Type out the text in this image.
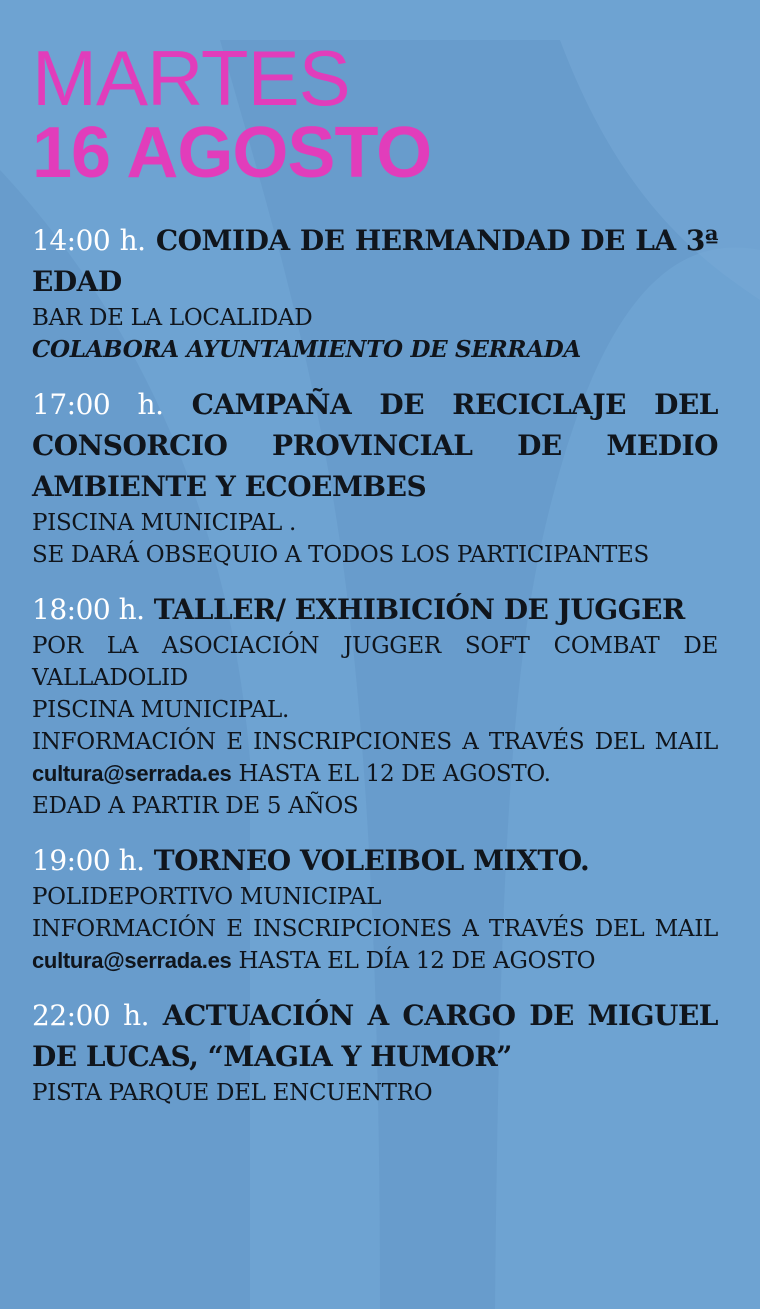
MARTES
16 AGOSTO
14:00 h. COMIDA DE HERMANDAD DE LA 3ª EDAD
BAR DE LA LOCALIDAD
COLABORA AYUNTAMIENTO DE SERRADA
17:00 h. CAMPAÑA DE RECICLAJE DEL CONSORCIO PROVINCIAL DE MEDIO AMBIENTE Y ECOEMBES
PISCINA MUNICIPAL .
SE DARÁ OBSEQUIO A TODOS LOS PARTICIPANTES
18:00 h. TALLER/ EXHIBICIÓN DE JUGGER
POR LA ASOCIACIÓN JUGGER SOFT COMBAT DE VALLADOLID
PISCINA MUNICIPAL.
INFORMACIÓN E INSCRIPCIONES A TRAVÉS DEL MAIL cultura@serrada.es HASTA EL 12 DE AGOSTO.
EDAD A PARTIR DE 5 AÑOS
19:00 h. TORNEO VOLEIBOL MIXTO.
POLIDEPORTIVO MUNICIPAL
INFORMACIÓN E INSCRIPCIONES A TRAVÉS DEL MAIL cultura@serrada.es HASTA EL DÍA 12 DE AGOSTO
22:00 h. ACTUACIÓN A CARGO DE MIGUEL DE LUCAS, “MAGIA Y HUMOR”
PISTA PARQUE DEL ENCUENTRO
